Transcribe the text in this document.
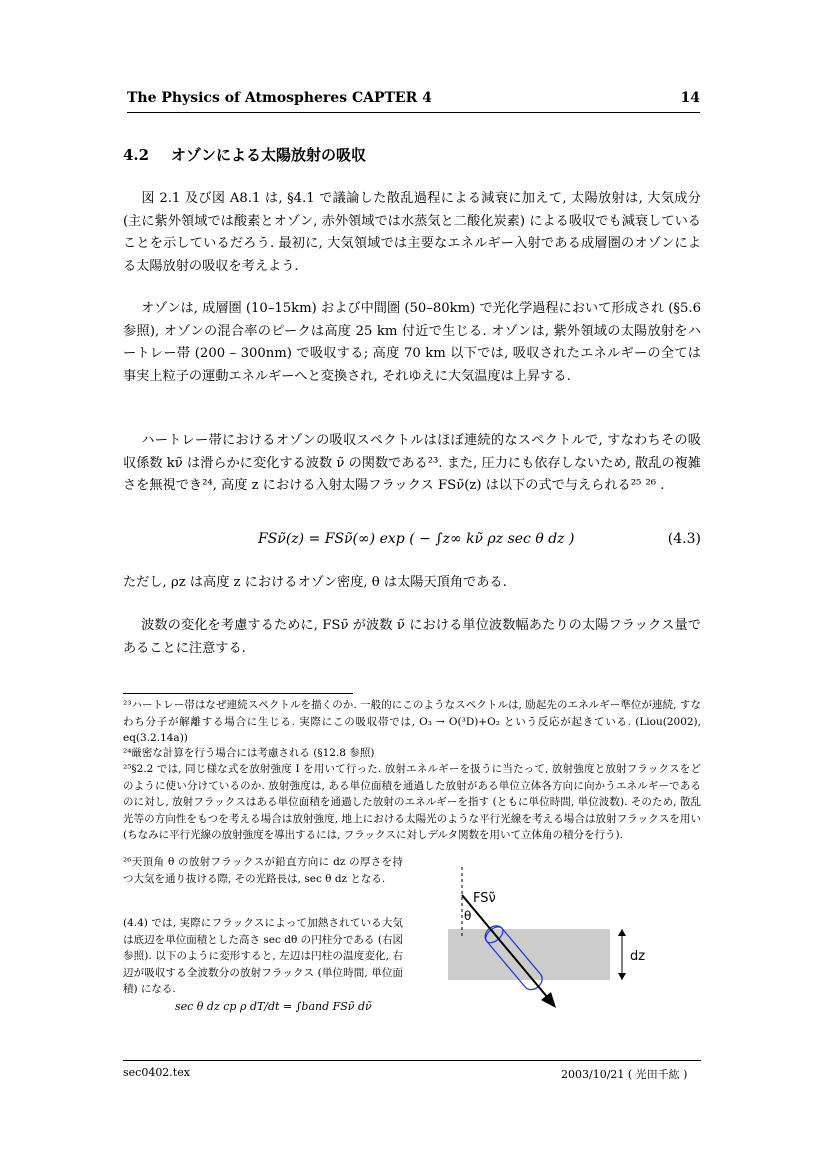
The Physics of Atmospheres CAPTER 4	14
4.2 オゾンによる太陽放射の吸収
図 2.1 及び図 A8.1 は, §4.1 で議論した散乱過程による減衰に加えて, 太陽放射は, 大気成分 (主に紫外領域では酸素とオゾン, 赤外領域では水蒸気と二酸化炭素) による吸収でも減衰していることを示しているだろう. 最初に, 大気領域では主要なエネルギー入射である成層圏のオゾンによる太陽放射の吸収を考えよう.
オゾンは, 成層圏 (10–15km) および中間圏 (50–80km) で光化学過程において形成され (§5.6 参照), オゾンの混合率のピークは高度 25 km 付近で生じる. オゾンは, 紫外領域の太陽放射をハートレー帯 (200 – 300nm) で吸収する; 高度 70 km 以下では, 吸収されたエネルギーの全ては事実上粒子の運動エネルギーへと変換され, それゆえに大気温度は上昇する.
ハートレー帯におけるオゾンの吸収スペクトルはほぼ連続的なスペクトルで, すなわちその吸収係数 kν̃ は滑らかに変化する波数 ν̃ の関数である²³. また, 圧力にも依存しないため, 散乱の複雑さを無視でき²⁴, 高度 z における入射太陽フラックス FSν̃(z) は以下の式で与えられる²⁵ ²⁶ .
FSν̃(z) = FSν̃(∞) exp ( − ∫z∞ kν̃ ρz sec θ dz )	(4.3)
ただし, ρz は高度 z におけるオゾン密度, θ は太陽天頂角である.
波数の変化を考慮するために, FSν̃ が波数 ν̃ における単位波数幅あたりの太陽フラックス量であることに注意する.
²³ハートレー帯はなぜ連続スペクトルを描くのか. 一般的にこのようなスペクトルは, 励起先のエネルギー準位が連続, すなわち分子が解離する場合に生じる. 実際にこの吸収帯では, O₃ → O(³D)+O₂ という反応が起きている. (Liou(2002), eq(3.2.14a))
²⁴厳密な計算を行う場合には考慮される (§12.8 参照)
²⁵§2.2 では, 同じ様な式を放射強度 I を用いて行った. 放射エネルギーを扱うに当たって, 放射強度と放射フラックスをどのように使い分けているのか. 放射強度は, ある単位面積を通過した放射がある単位立体各方向に向かうエネルギーであるのに対し, 放射フラックスはある単位面積を通過した放射のエネルギーを指す (ともに単位時間, 単位波数). そのため, 散乱光等の方向性をもつを考える場合は放射強度, 地上における太陽光のような平行光線を考える場合は放射フラックスを用い (ちなみに平行光線の放射強度を導出するには, フラックスに対しデルタ関数を用いて立体角の積分を行う).
²⁶天頂角 θ の放射フラックスが鉛直方向に dz の厚さを持つ大気を通り抜ける際, その光路長は, sec θ dz となる.
(4.4) では, 実際にフラックスによって加熱されている大気は底辺を単位面積とした高さ sec dθ の円柱分である (右図参照). 以下のように変形すると, 左辺は円柱の温度変化, 右辺が吸収する全波数分の放射フラックス (単位時間, 単位面積) になる.
sec θ dz cp ρ dT/dt = ∫band FSν̃ dν̃
FSν̃
θ
dz
sec0402.tex	2003/10/21 ( 光田千紘 )
